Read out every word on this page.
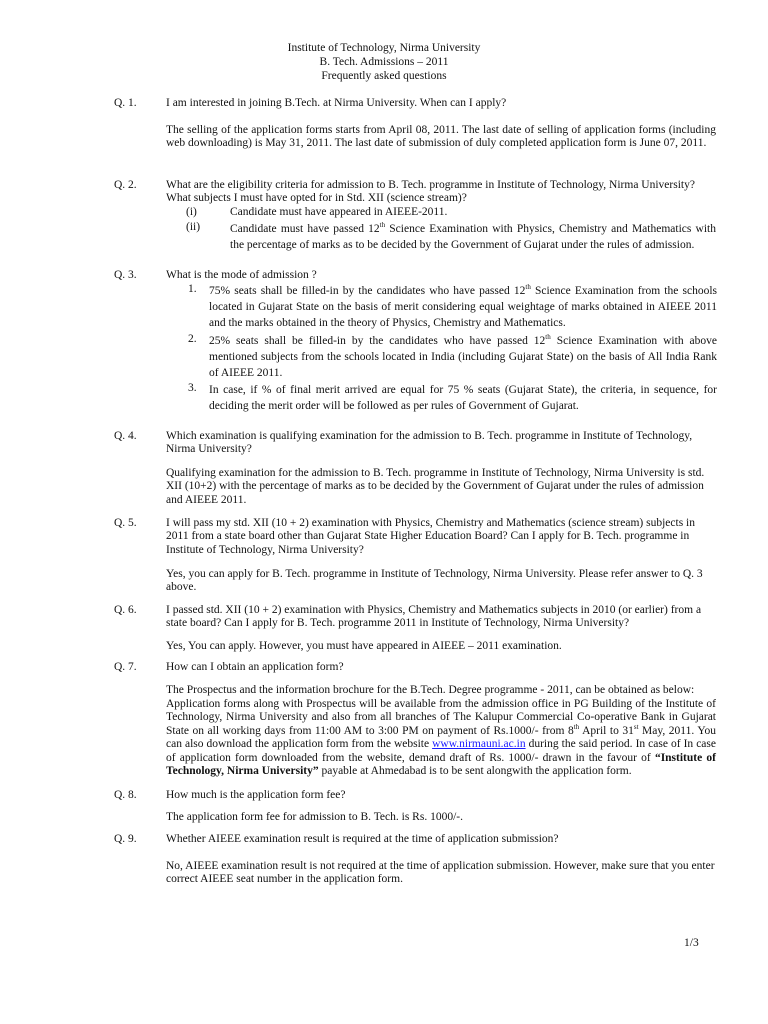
Institute of Technology, Nirma University
B. Tech. Admissions – 2011
Frequently asked questions
Q. 1.	I am interested in joining B.Tech. at Nirma University. When can I apply?
The selling of the application forms starts from April 08, 2011. The last date of selling of application forms (including web downloading) is May 31, 2011. The last date of submission of duly completed application form is June 07, 2011.
Q. 2.	What are the eligibility criteria for admission to B. Tech. programme in Institute of Technology, Nirma University? What subjects I must have opted for in Std. XII (science stream)?
(i)	Candidate must have appeared in AIEEE-2011.
(ii)	Candidate must have passed 12th Science Examination with Physics, Chemistry and Mathematics with the percentage of marks as to be decided by the Government of Gujarat under the rules of admission.
Q. 3.	What is the mode of admission ?
1. 75% seats shall be filled-in by the candidates who have passed 12th Science Examination from the schools located in Gujarat State on the basis of merit considering equal weightage of marks obtained in AIEEE 2011 and the marks obtained in the theory of Physics, Chemistry and Mathematics.
2. 25% seats shall be filled-in by the candidates who have passed 12th Science Examination with above mentioned subjects from the schools located in India (including Gujarat State) on the basis of All India Rank of AIEEE 2011.
3. In case, if % of final merit arrived are equal for 75 % seats (Gujarat State), the criteria, in sequence, for deciding the merit order will be followed as per rules of Government of Gujarat.
Q. 4.	Which examination is qualifying examination for the admission to B. Tech. programme in Institute of Technology, Nirma University?
Qualifying examination for the admission to B. Tech. programme in Institute of Technology, Nirma University is std. XII (10+2) with the percentage of marks as to be decided by the Government of Gujarat under the rules of admission and AIEEE 2011.
Q. 5.	I will pass my std. XII (10 + 2) examination with Physics, Chemistry and Mathematics (science stream) subjects in 2011 from a state board other than Gujarat State Higher Education Board? Can I apply for B. Tech. programme in Institute of Technology, Nirma University?
Yes, you can apply for B. Tech. programme in Institute of Technology, Nirma University. Please refer answer to Q. 3 above.
Q. 6.	I passed std. XII (10 + 2) examination with Physics, Chemistry and Mathematics subjects in 2010 (or earlier) from a state board? Can I apply for B. Tech. programme 2011 in Institute of Technology, Nirma University?
Yes, You can apply. However, you must have appeared in AIEEE – 2011 examination.
Q. 7.	How can I obtain an application form?
The Prospectus and the information brochure for the B.Tech. Degree programme - 2011, can be obtained as below:
Application forms along with Prospectus will be available from the admission office in PG Building of the Institute of Technology, Nirma University and also from all branches of The Kalupur Commercial Co-operative Bank in Gujarat State on all working days from 11:00 AM to 3:00 PM on payment of Rs.1000/- from 8th April to 31st May, 2011. You can also download the application form from the website www.nirmauni.ac.in during the said period. In case of In case of application form downloaded from the website, demand draft of Rs. 1000/- drawn in the favour of “Institute of Technology, Nirma University” payable at Ahmedabad is to be sent alongwith the application form.
Q. 8.	How much is the application form fee?
The application form fee for admission to B. Tech. is Rs. 1000/-.
Q. 9.	Whether AIEEE examination result is required at the time of application submission?
No, AIEEE examination result is not required at the time of application submission. However, make sure that you enter correct AIEEE seat number in the application form.
1/3
